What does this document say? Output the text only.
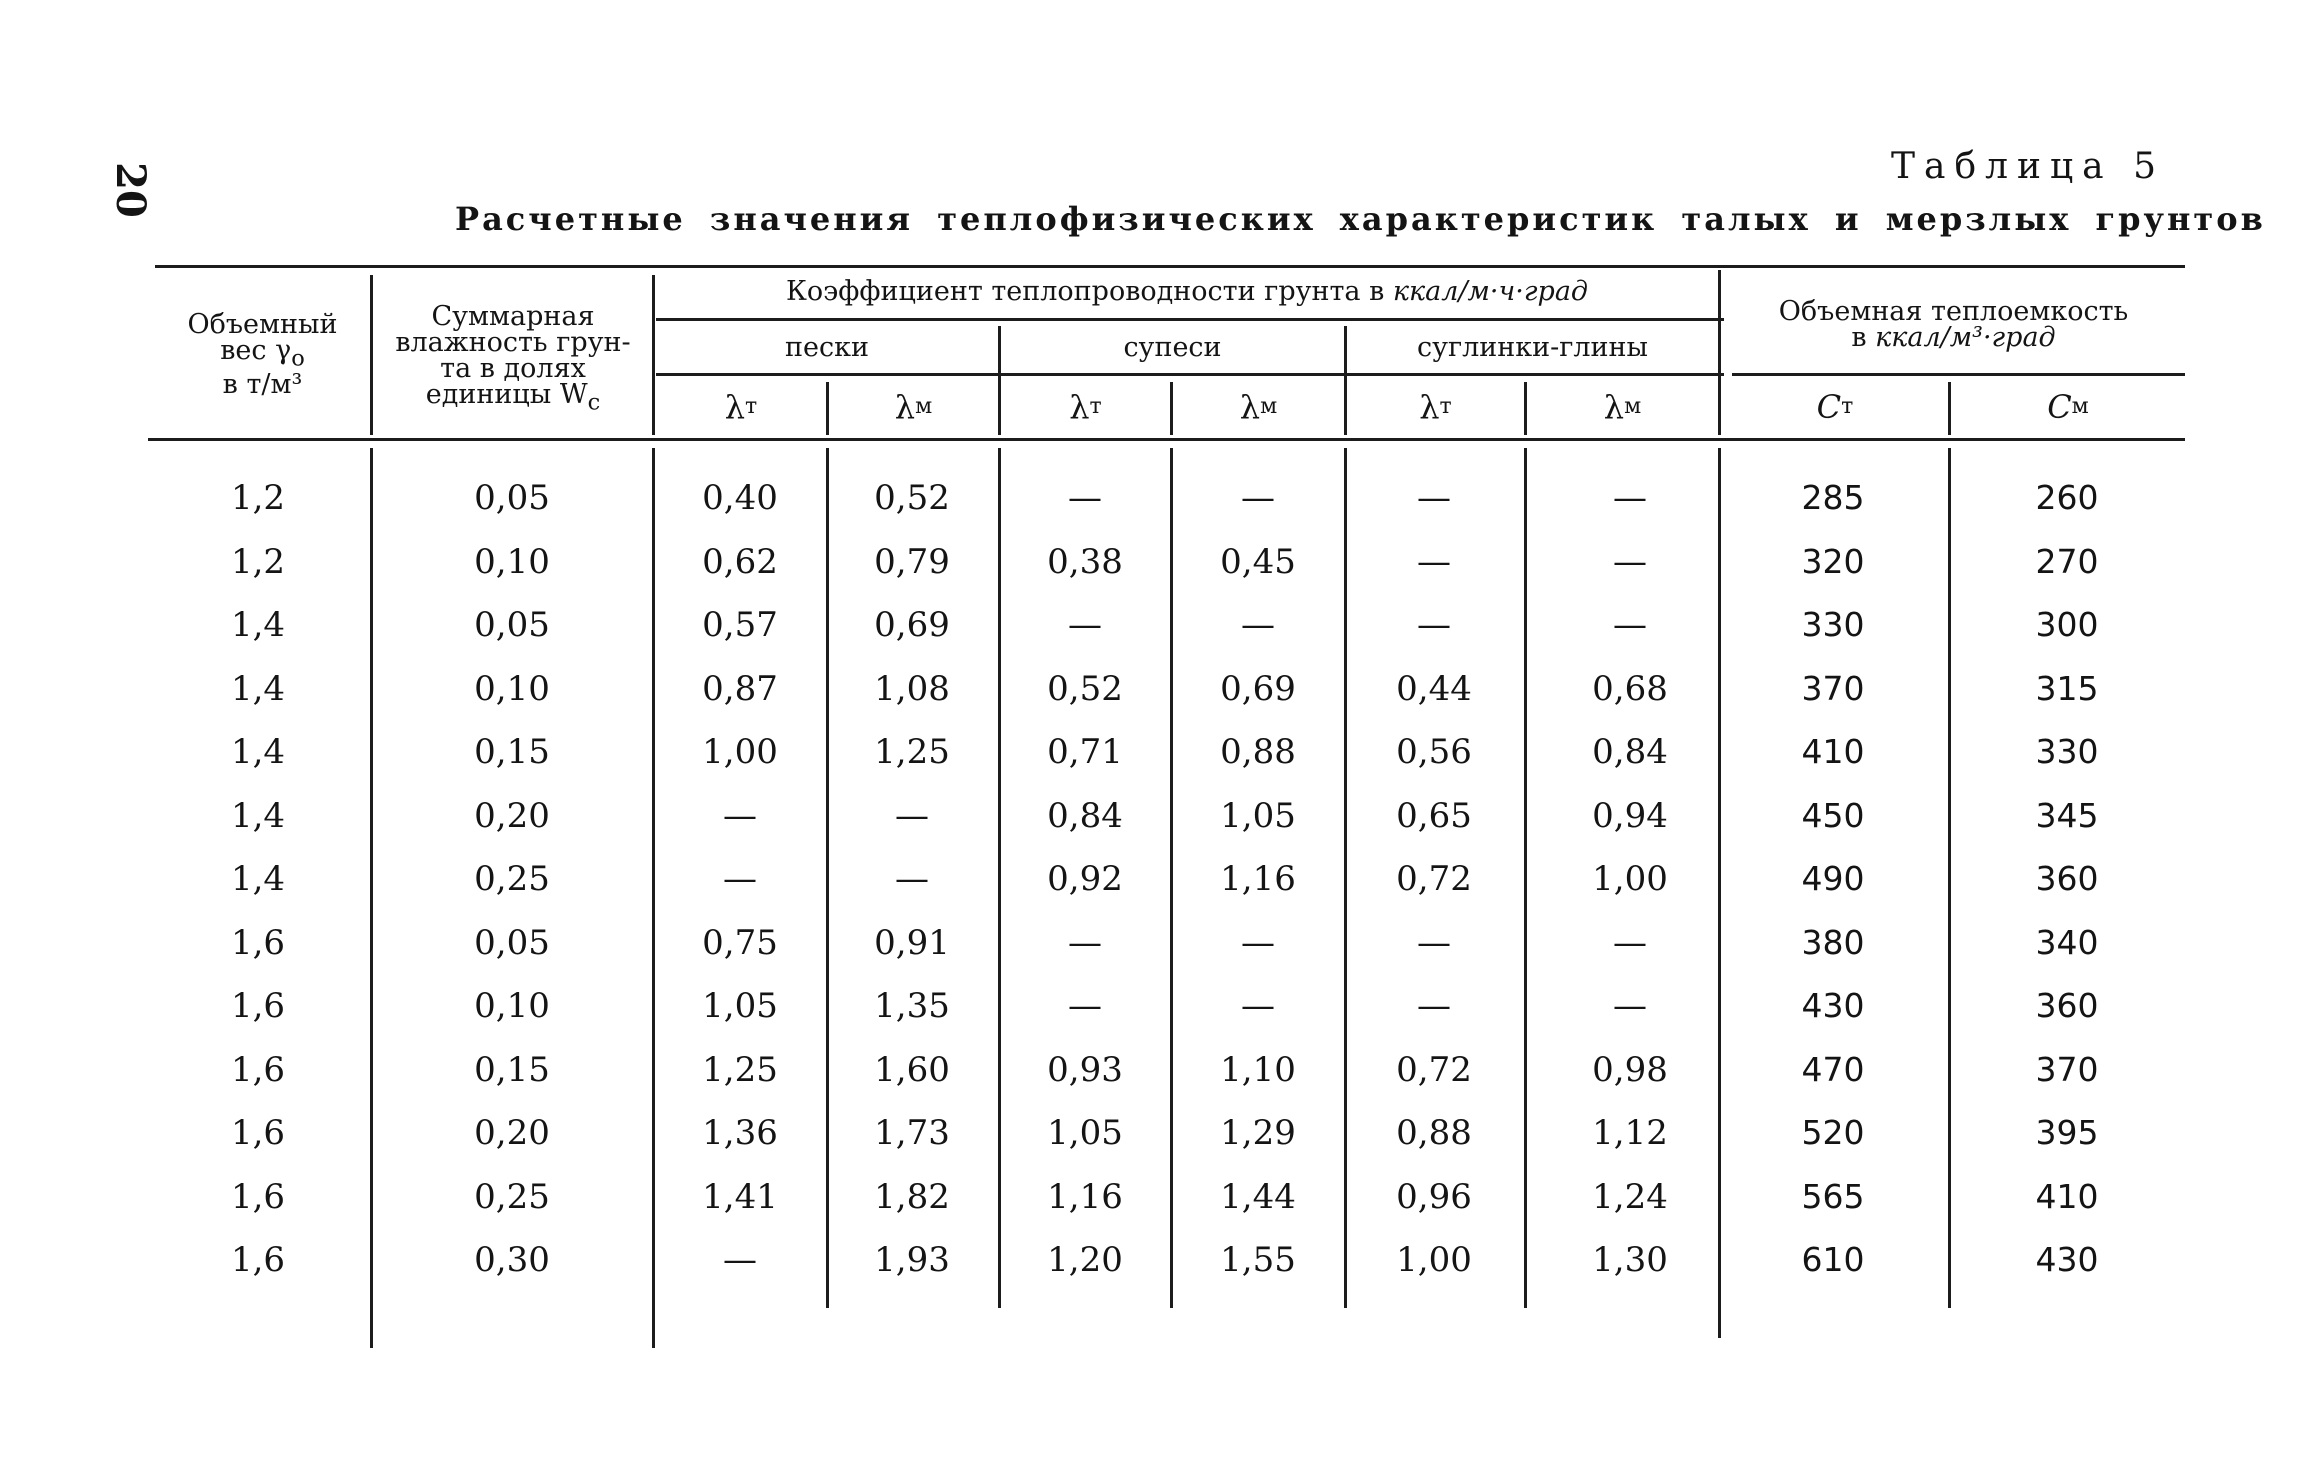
20	Таблица 5
Расчетные значения теплофизических характеристик талых и мерзлых грунтов
Объемный
вес $\gamma_o$
в т/м³
Суммарная
влажность грун-
та в долях
единицы $W_с$
Коэффициент теплопроводности грунта в ккал/м·ч·град
пески	супеси	суглинки-глины
Объемная теплоемкость
в ккал/м³·град
λ т	λ м	λ т	λ м	λ т	λ м	C т	C м
1,2	0,05	0,40	0,52	—	—	—	—	285	260
1,2	0,10	0,62	0,79	0,38	0,45	—	—	320	270
1,4	0,05	0,57	0,69	—	—	—	—	330	300
1,4	0,10	0,87	1,08	0,52	0,69	0,44	0,68	370	315
1,4	0,15	1,00	1,25	0,71	0,88	0,56	0,84	410	330
1,4	0,20	—	—	0,84	1,05	0,65	0,94	450	345
1,4	0,25	—	—	0,92	1,16	0,72	1,00	490	360
1,6	0,05	0,75	0,91	—	—	—	—	380	340
1,6	0,10	1,05	1,35	—	—	—	—	430	360
1,6	0,15	1,25	1,60	0,93	1,10	0,72	0,98	470	370
1,6	0,20	1,36	1,73	1,05	1,29	0,88	1,12	520	395
1,6	0,25	1,41	1,82	1,16	1,44	0,96	1,24	565	410
1,6	0,30	—	1,93	1,20	1,55	1,00	1,30	610	430
